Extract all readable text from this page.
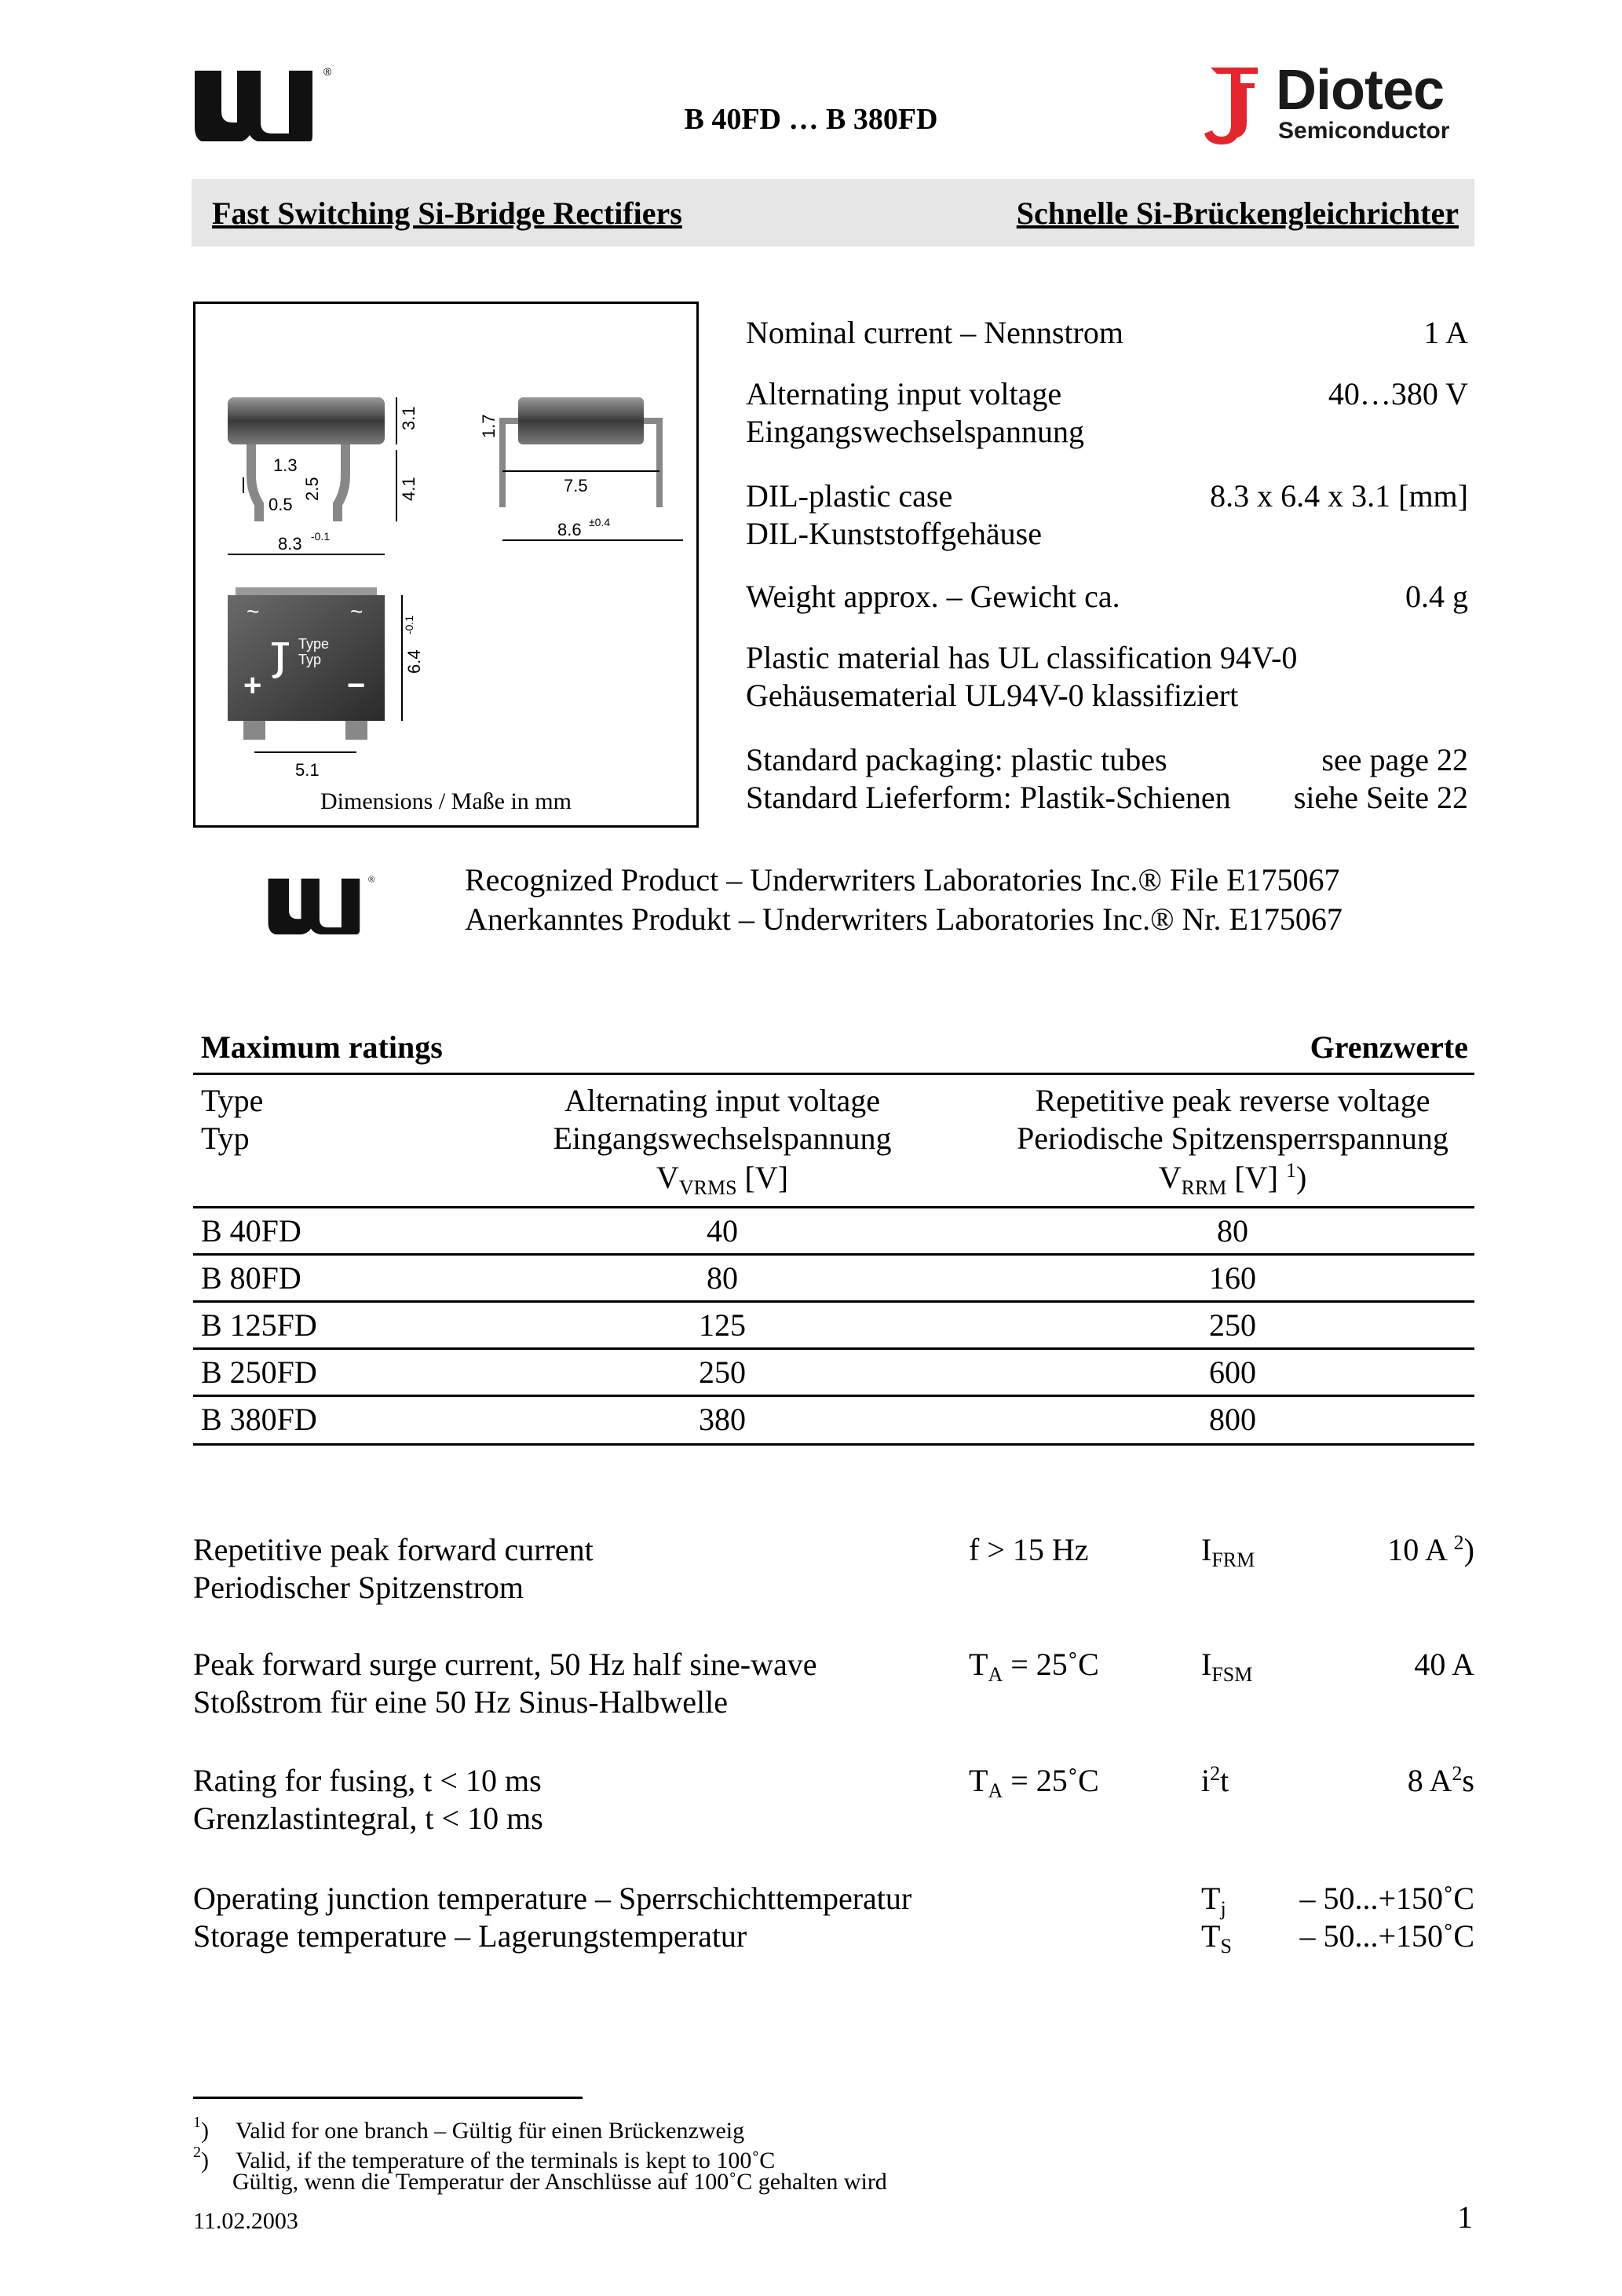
®
B 40FD … B 380FD	Diotec
Semiconductor
Fast Switching Si-Bridge Rectifiers	Schnelle Si-Brückengleichrichter
1.3
0.5
2.5
3.1
4.1
1.7
7.5
8.6 ±0.4
8.3 -0.1
~	~
+	−
Type
Typ	6.4
-0.1
5.1
Dimensions / Maße in mm
Nominal current – Nennstrom	1 A
Alternating input voltage
Eingangswechselspannung
40…380 V
DIL-plastic case
DIL-Kunststoffgehäuse
8.3 x 6.4 x 3.1 [mm]
Weight approx. – Gewicht ca.	0.4 g
Plastic material has UL classification 94V-0
Gehäusematerial UL94V-0 klassifiziert
Standard packaging: plastic tubes
Standard Lieferform: Plastik-Schienen
see page 22
siehe Seite 22
®	Recognized Product – Underwriters Laboratories Inc.® File E175067
Anerkanntes Produkt – Underwriters Laboratories Inc.® Nr. E175067
Maximum ratings	Grenzwerte
Type
Typ
Alternating input voltage
Eingangswechselspannung
$V_{VRMS}$ [V]
Repetitive peak reverse voltage
Periodische Spitzensperrspannung
$V_{RRM}$ [V] $^1$)
B 40FD	40	80
B 80FD	80	160
B 125FD	125	250
B 250FD	250	600
B 380FD	380	800
Repetitive peak forward current
Periodischer Spitzenstrom
f > 15 Hz	$I_{FRM}$	10 A $^2$)
Peak forward surge current, 50 Hz half sine-wave
Stoßstrom für eine 50 Hz Sinus-Halbwelle
$T_A$ = 25˚C	$I_{FSM}$	40 A
Rating for fusing, t < 10 ms
Grenzlastintegral, t < 10 ms
$T_A$ = 25˚C	$i^2t$	8 $A^2s$
Operating junction temperature – Sperrschichttemperatur	$T_j$ – 50...+150˚C
Storage temperature – Lagerungstemperatur	$T_S$ – 50...+150˚C
$^1$) Valid for one branch – Gültig für einen Brückenzweig
$^2$) Valid, if the temperature of the terminals is kept to 100˚C
Gültig, wenn die Temperatur der Anschlüsse auf 100˚C gehalten wird
11.02.2003	1
